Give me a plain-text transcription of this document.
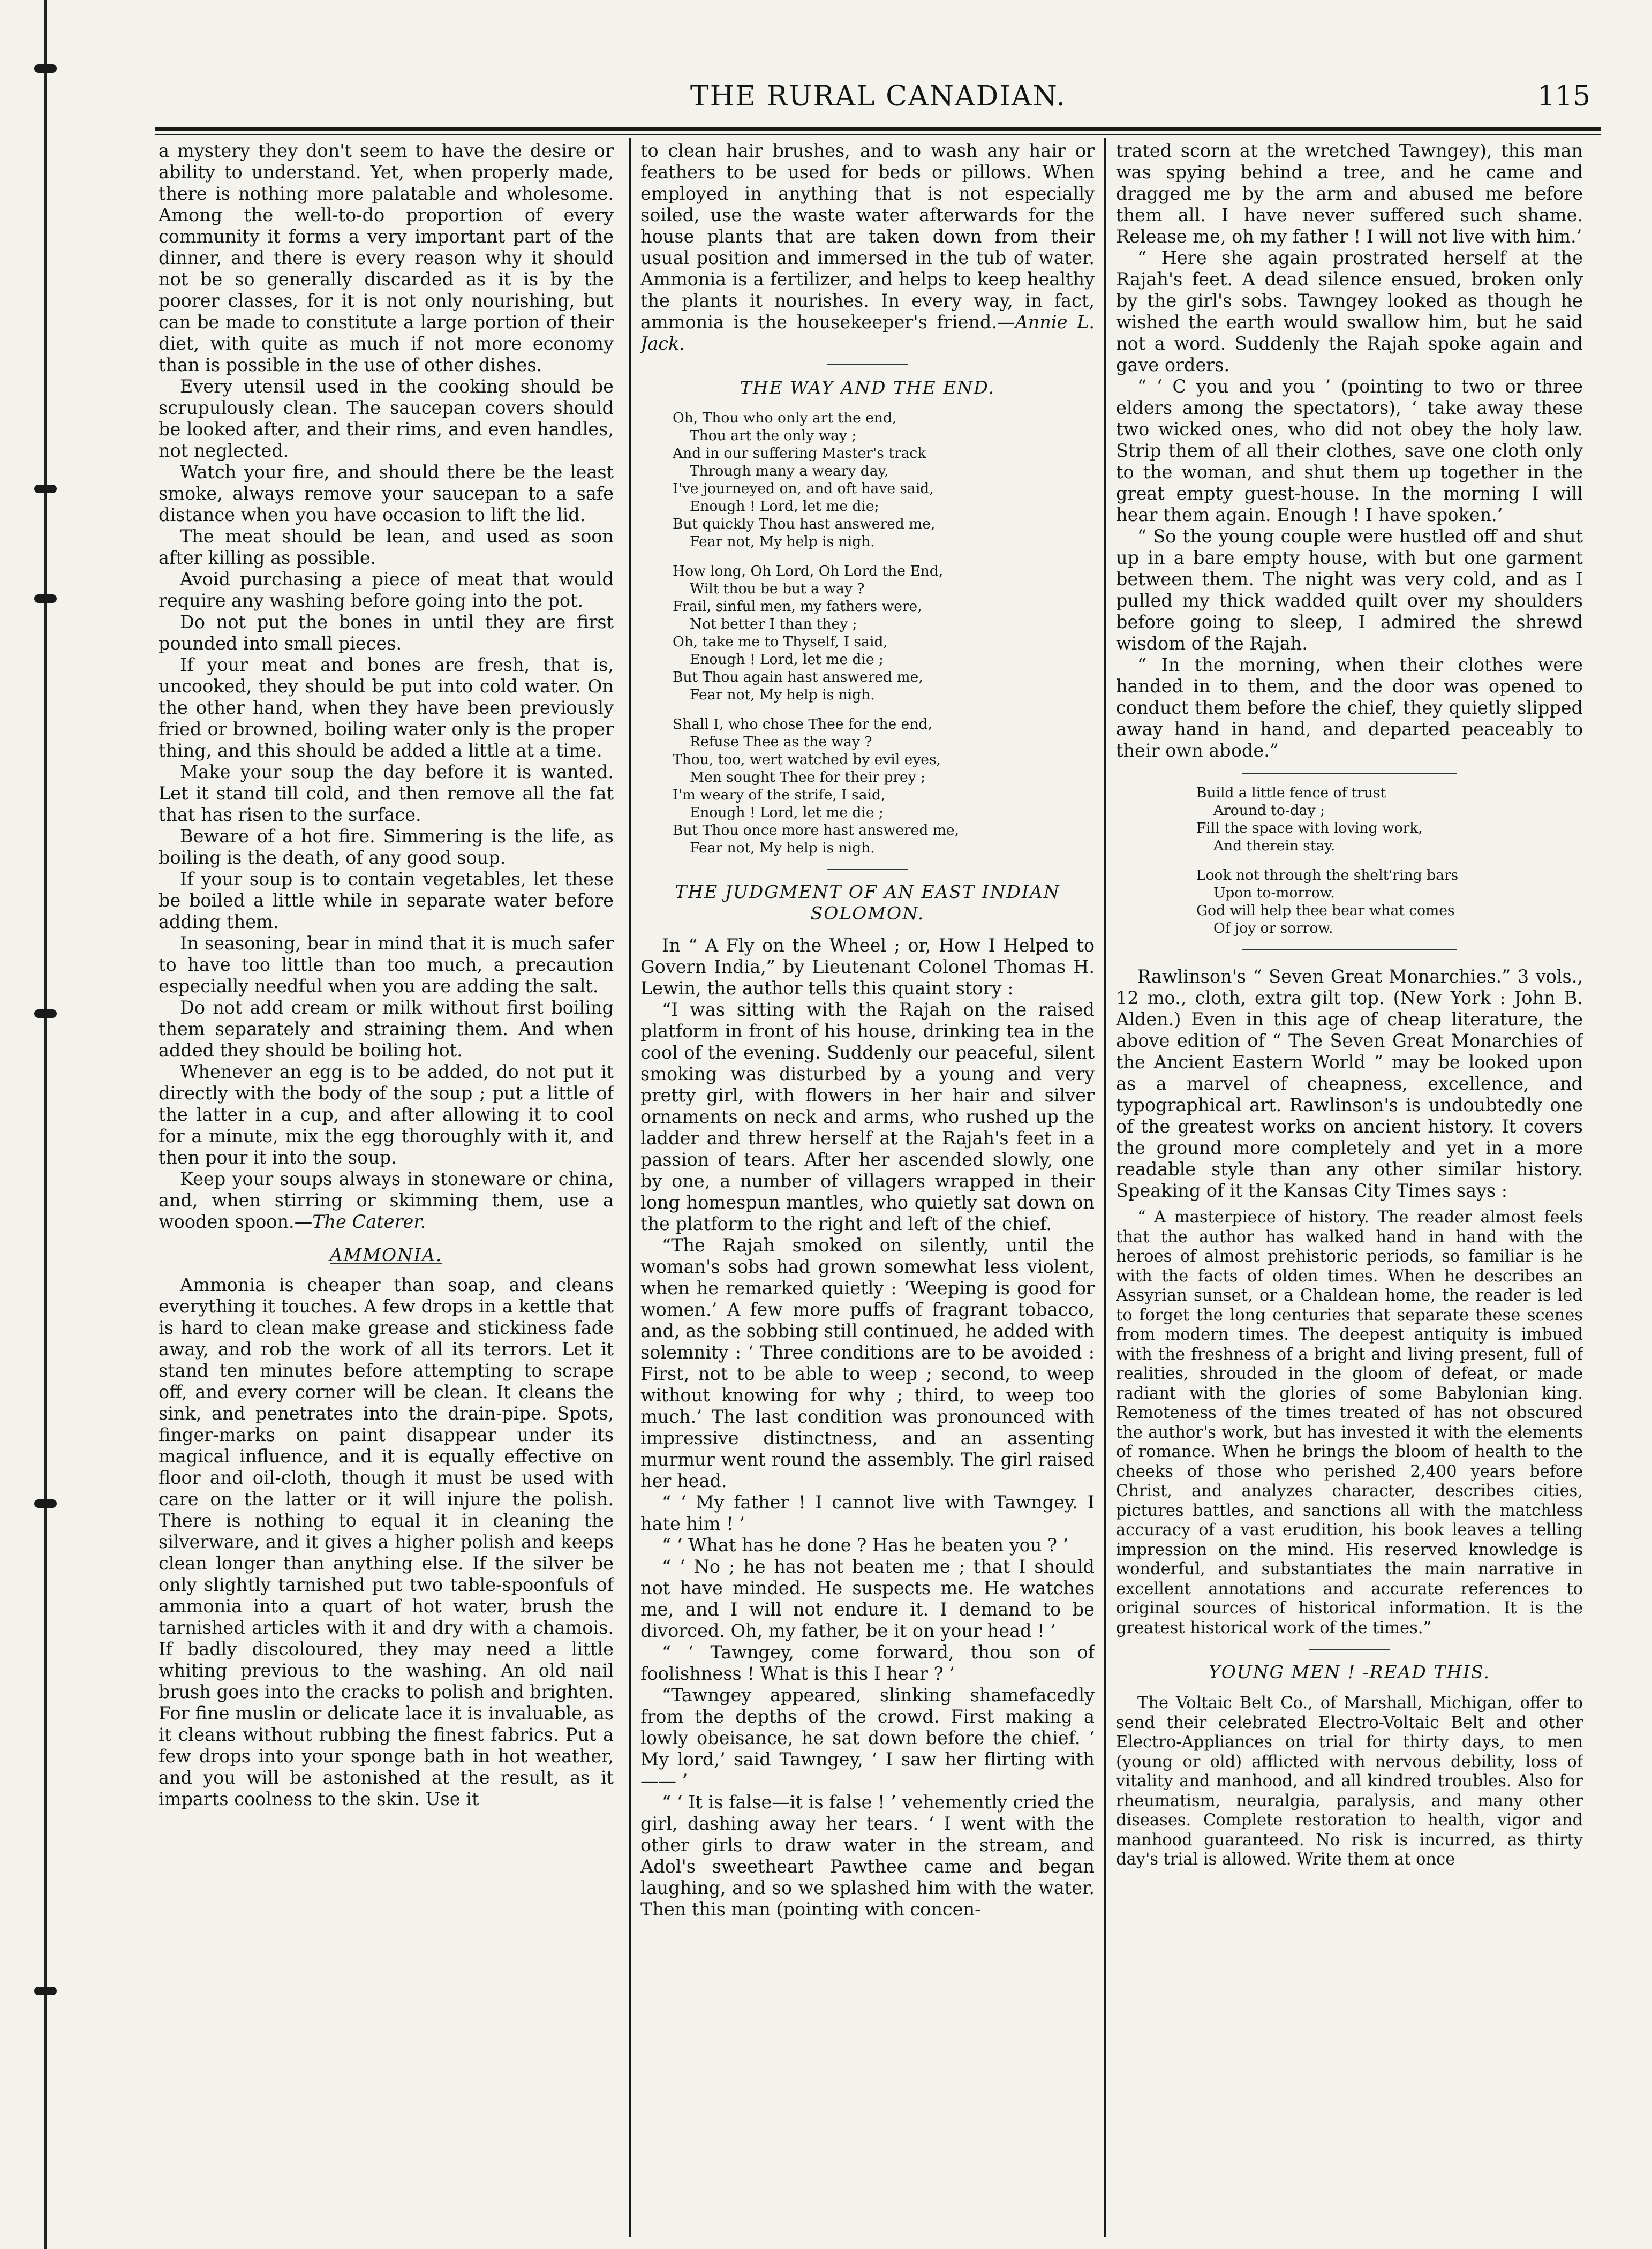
THE RURAL CANADIAN.	115

a mystery they don't seem to have the desire or ability to understand. Yet, when properly made, there is nothing more palatable and wholesome. Among the well-to-do proportion of every community it forms a very important part of the dinner, and there is every reason why it should not be so generally discarded as it is by the poorer classes, for it is not only nourishing, but can be made to constitute a large portion of their diet, with quite as much if not more economy than is possible in the use of other dishes.

Every utensil used in the cooking should be scrupulously clean. The saucepan covers should be looked after, and their rims, and even handles, not neglected.

Watch your fire, and should there be the least smoke, always remove your saucepan to a safe distance when you have occasion to lift the lid.

The meat should be lean, and used as soon after killing as possible.

Avoid purchasing a piece of meat that would require any washing before going into the pot.

Do not put the bones in until they are first pounded into small pieces.

If your meat and bones are fresh, that is, uncooked, they should be put into cold water. On the other hand, when they have been previously fried or browned, boiling water only is the proper thing, and this should be added a little at a time.

Make your soup the day before it is wanted. Let it stand till cold, and then remove all the fat that has risen to the surface.

Beware of a hot fire. Simmering is the life, as boiling is the death, of any good soup.

If your soup is to contain vegetables, let these be boiled a little while in separate water before adding them.

In seasoning, bear in mind that it is much safer to have too little than too much, a precaution especially needful when you are adding the salt.

Do not add cream or milk without first boiling them separately and straining them. And when added they should be boiling hot.

Whenever an egg is to be added, do not put it directly with the body of the soup ; put a little of the latter in a cup, and after allowing it to cool for a minute, mix the egg thoroughly with it, and then pour it into the soup.

Keep your soups always in stoneware or china, and, when stirring or skimming them, use a wooden spoon.—The Caterer.

AMMONIA.

Ammonia is cheaper than soap, and cleans everything it touches. A few drops in a kettle that is hard to clean make grease and stickiness fade away, and rob the work of all its terrors. Let it stand ten minutes before attempting to scrape off, and every corner will be clean. It cleans the sink, and penetrates into the drain-pipe. Spots, finger-marks on paint disappear under its magical influence, and it is equally effective on floor and oil-cloth, though it must be used with care on the latter or it will injure the polish. There is nothing to equal it in cleaning the silverware, and it gives a higher polish and keeps clean longer than anything else. If the silver be only slightly tarnished put two table-spoonfuls of ammonia into a quart of hot water, brush the tarnished articles with it and dry with a chamois. If badly discoloured, they may need a little whiting previous to the washing. An old nail brush goes into the cracks to polish and brighten. For fine muslin or delicate lace it is invaluable, as it cleans without rubbing the finest fabrics. Put a few drops into your sponge bath in hot weather, and you will be astonished at the result, as it imparts coolness to the skin. Use it

to clean hair brushes, and to wash any hair or feathers to be used for beds or pillows. When employed in anything that is not especially soiled, use the waste water afterwards for the house plants that are taken down from their usual position and immersed in the tub of water. Ammonia is a fertilizer, and helps to keep healthy the plants it nourishes. In every way, in fact, ammonia is the housekeeper's friend.—Annie L. Jack.

THE WAY AND THE END.
Oh, Thou who only art the end,
Thou art the only way ;
And in our suffering Master's track
Through many a weary day,
I've journeyed on, and oft have said,
Enough ! Lord, let me die;
But quickly Thou hast answered me,
Fear not, My help is nigh.
How long, Oh Lord, Oh Lord the End,
Wilt thou be but a way ?
Frail, sinful men, my fathers were,
Not better I than they ;
Oh, take me to Thyself, I said,
Enough ! Lord, let me die ;
But Thou again hast answered me,
Fear not, My help is nigh.
Shall I, who chose Thee for the end,
Refuse Thee as the way ?
Thou, too, wert watched by evil eyes,
Men sought Thee for their prey ;
I'm weary of the strife, I said,
Enough ! Lord, let me die ;
But Thou once more hast answered me,
Fear not, My help is nigh.
THE JUDGMENT OF AN EAST INDIAN
SOLOMON.

In “ A Fly on the Wheel ; or, How I Helped to Govern India,” by Lieutenant Colonel Thomas H. Lewin, the author tells this quaint story :

“I was sitting with the Rajah on the raised platform in front of his house, drinking tea in the cool of the evening. Suddenly our peaceful, silent smoking was disturbed by a young and very pretty girl, with flowers in her hair and silver ornaments on neck and arms, who rushed up the ladder and threw herself at the Rajah's feet in a passion of tears. After her ascended slowly, one by one, a number of villagers wrapped in their long homespun mantles, who quietly sat down on the platform to the right and left of the chief.

“The Rajah smoked on silently, until the woman's sobs had grown somewhat less violent, when he remarked quietly : ‘Weeping is good for women.’ A few more puffs of fragrant tobacco, and, as the sobbing still continued, he added with solemnity : ‘ Three conditions are to be avoided : First, not to be able to weep ; second, to weep without knowing for why ; third, to weep too much.’ The last condition was pronounced with impressive distinctness, and an assenting murmur went round the assembly. The girl raised her head.

“ ‘ My father ! I cannot live with Tawngey. I hate him ! ’

“ ‘ What has he done ? Has he beaten you ? ’

“ ‘ No ; he has not beaten me ; that I should not have minded. He suspects me. He watches me, and I will not endure it. I demand to be divorced. Oh, my father, be it on your head ! ’

“ ‘ Tawngey, come forward, thou son of foolishness ! What is this I hear ? ’

“Tawngey appeared, slinking shamefacedly from the depths of the crowd. First making a lowly obeisance, he sat down before the chief. ‘ My lord,’ said Tawngey, ‘ I saw her flirting with—— ’

“ ‘ It is false—it is false ! ’ vehemently cried the girl, dashing away her tears. ‘ I went with the other girls to draw water in the stream, and Adol's sweetheart Pawthee came and began laughing, and so we splashed him with the water. Then this man (pointing with concen-

trated scorn at the wretched Tawngey), this man was spying behind a tree, and he came and dragged me by the arm and abused me before them all. I have never suffered such shame. Release me, oh my father ! I will not live with him.’

“ Here she again prostrated herself at the Rajah's feet. A dead silence ensued, broken only by the girl's sobs. Tawngey looked as though he wished the earth would swallow him, but he said not a word. Suddenly the Rajah spoke again and gave orders.

“ ‘ C you and you ’ (pointing to two or three elders among the spectators), ‘ take away these two wicked ones, who did not obey the holy law. Strip them of all their clothes, save one cloth only to the woman, and shut them up together in the great empty guest-house. In the morning I will hear them again. Enough ! I have spoken.’

“ So the young couple were hustled off and shut up in a bare empty house, with but one garment between them. The night was very cold, and as I pulled my thick wadded quilt over my shoulders before going to sleep, I admired the shrewd wisdom of the Rajah.

“ In the morning, when their clothes were handed in to them, and the door was opened to conduct them before the chief, they quietly slipped away hand in hand, and departed peaceably to their own abode.”

Build a little fence of trust
Around to-day ;
Fill the space with loving work,
And therein stay.
Look not through the shelt'ring bars
Upon to-morrow.
God will help thee bear what comes
Of joy or sorrow.

Rawlinson's “ Seven Great Monarchies.” 3 vols., 12 mo., cloth, extra gilt top. (New York : John B. Alden.) Even in this age of cheap literature, the above edition of “ The Seven Great Monarchies of the Ancient Eastern World ” may be looked upon as a marvel of cheapness, excellence, and typographical art. Rawlinson's is undoubtedly one of the greatest works on ancient history. It covers the ground more completely and yet in a more readable style than any other similar history. Speaking of it the Kansas City Times says :

“ A masterpiece of history. The reader almost feels that the author has walked hand in hand with the heroes of almost prehistoric periods, so familiar is he with the facts of olden times. When he describes an Assyrian sunset, or a Chaldean home, the reader is led to forget the long centuries that separate these scenes from modern times. The deepest antiquity is imbued with the freshness of a bright and living present, full of realities, shrouded in the gloom of defeat, or made radiant with the glories of some Babylonian king. Remoteness of the times treated of has not obscured the author's work, but has invested it with the elements of romance. When he brings the bloom of health to the cheeks of those who perished 2,400 years before Christ, and analyzes character, describes cities, pictures battles, and sanctions all with the matchless accuracy of a vast erudition, his book leaves a telling impression on the mind. His reserved knowledge is wonderful, and substantiates the main narrative in excellent annotations and accurate references to original sources of historical information. It is the greatest historical work of the times.”

YOUNG MEN ! -READ THIS.

The Voltaic Belt Co., of Marshall, Michigan, offer to send their celebrated Electro-Voltaic Belt and other Electro-Appliances on trial for thirty days, to men (young or old) afflicted with nervous debility, loss of vitality and manhood, and all kindred troubles. Also for rheumatism, neuralgia, paralysis, and many other diseases. Complete restoration to health, vigor and manhood guaranteed. No risk is incurred, as thirty day's trial is allowed. Write them at once
